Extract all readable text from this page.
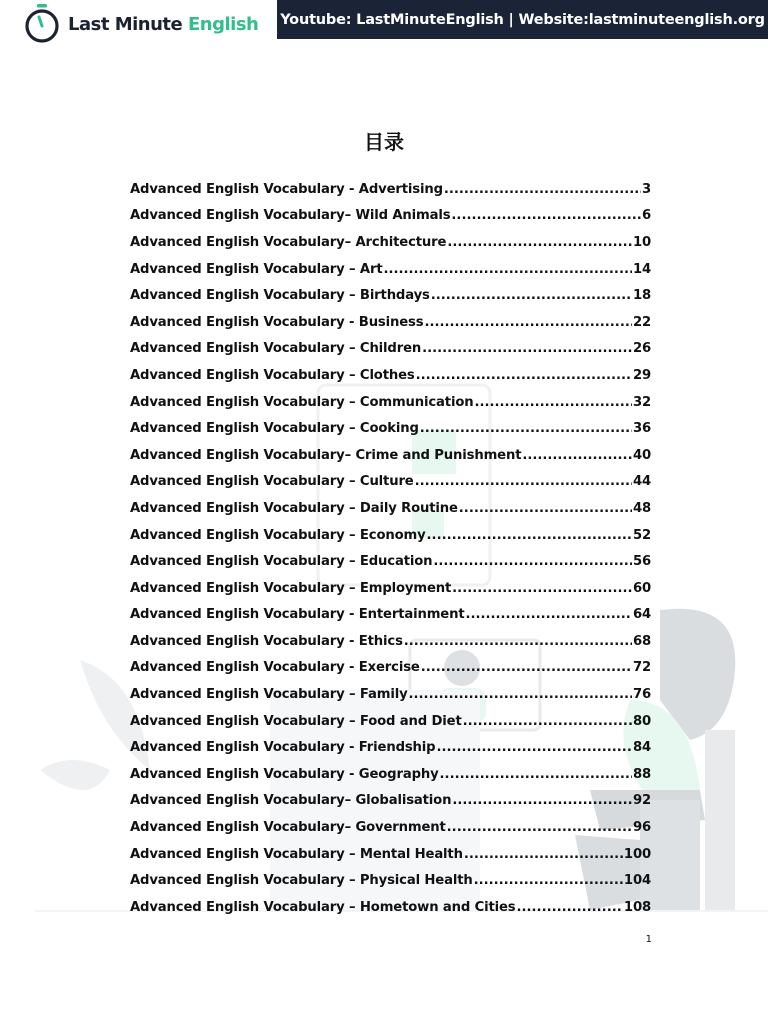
Last Minute English Youtube: LastMinuteEnglish | Website:lastminuteenglish.org
目录
Advanced English Vocabulary - Advertising .....	3
Advanced English Vocabulary– Wild Animals .....	6
Advanced English Vocabulary– Architecture .....	10
Advanced English Vocabulary – Art .....	14
Advanced English Vocabulary – Birthdays .....	18
Advanced English Vocabulary - Business .....	22
Advanced English Vocabulary – Children .....	26
Advanced English Vocabulary – Clothes .....	29
Advanced English Vocabulary – Communication .....	32
Advanced English Vocabulary – Cooking .....	36
Advanced English Vocabulary– Crime and Punishment .....	40
Advanced English Vocabulary – Culture .....	44
Advanced English Vocabulary – Daily Routine .....	48
Advanced English Vocabulary – Economy .....	52
Advanced English Vocabulary – Education .....	56
Advanced English Vocabulary – Employment .....	60
Advanced English Vocabulary - Entertainment .....	64
Advanced English Vocabulary - Ethics .....	68
Advanced English Vocabulary - Exercise .....	72
Advanced English Vocabulary – Family .....	76
Advanced English Vocabulary – Food and Diet .....	80
Advanced English Vocabulary - Friendship .....	84
Advanced English Vocabulary - Geography .....	88
Advanced English Vocabulary– Globalisation .....	92
Advanced English Vocabulary– Government .....	96
Advanced English Vocabulary – Mental Health .....	100
Advanced English Vocabulary – Physical Health .....	104
Advanced English Vocabulary – Hometown and Cities .....	108
1
